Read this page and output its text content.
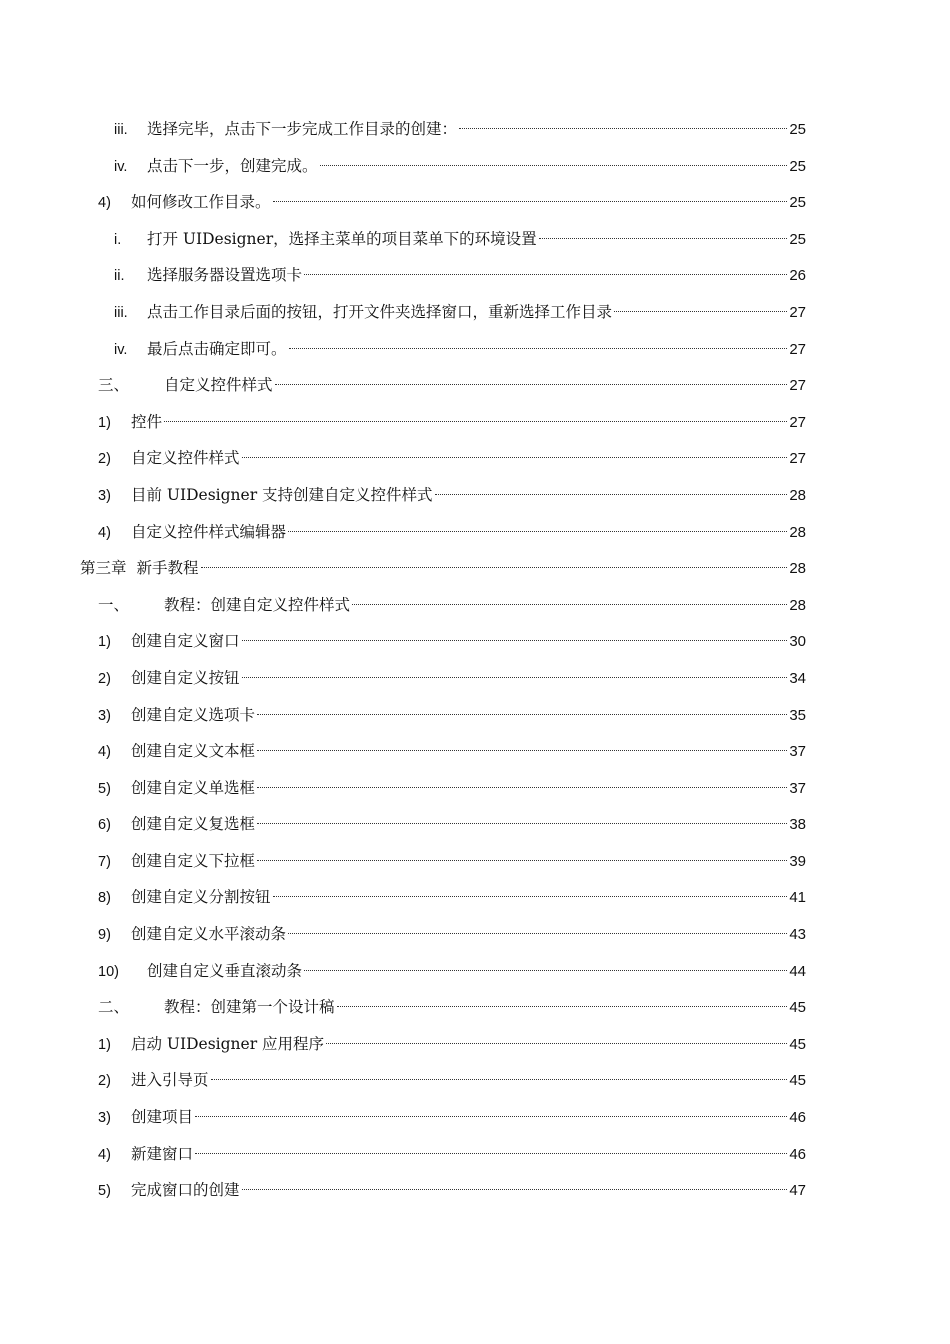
iii.	选择完毕，点击下一步完成工作目录的创建：	25
iv.	点击下一步，创建完成。	25
4)	如何修改工作目录。	25
i.	打开 UIDesigner，选择主菜单的项目菜单下的环境设置	25
ii.	选择服务器设置选项卡	26
iii.	点击工作目录后面的按钮，打开文件夹选择窗口，重新选择工作目录	27
iv.	最后点击确定即可。	27
三、	自定义控件样式	27
1)	控件	27
2)	自定义控件样式	27
3)	目前 UIDesigner 支持创建自定义控件样式	28
4)	自定义控件样式编辑器	28
第三章 新手教程	28
一、	教程：创建自定义控件样式	28
1)	创建自定义窗口	30
2)	创建自定义按钮	34
3)	创建自定义选项卡	35
4)	创建自定义文本框	37
5)	创建自定义单选框	37
6)	创建自定义复选框	38
7)	创建自定义下拉框	39
8)	创建自定义分割按钮	41
9)	创建自定义水平滚动条	43
10)	创建自定义垂直滚动条	44
二、	教程：创建第一个设计稿	45
1)	启动 UIDesigner 应用程序	45
2)	进入引导页	45
3)	创建项目	46
4)	新建窗口	46
5)	完成窗口的创建	47
